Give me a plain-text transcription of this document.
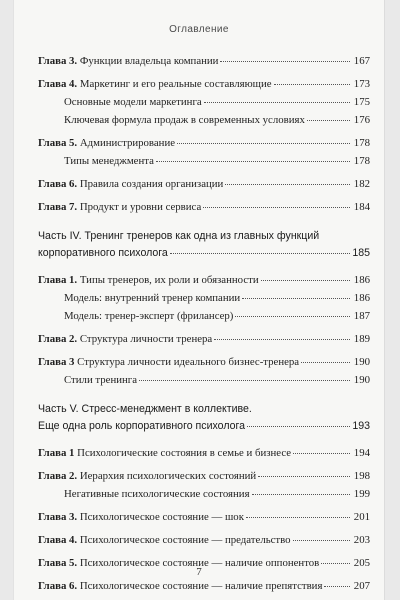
Оглавление
Глава 3. Функции владельца компании	167
Глава 4. Маркетинг и его реальные составляющие	173
Основные модели маркетинга	175
Ключевая формула продаж в современных условиях	176
Глава 5. Администрирование	178
Типы менеджмента	178
Глава 6. Правила создания организации	182
Глава 7. Продукт и уровни сервиса	184
Часть IV. Тренинг тренеров как одна из главных функций
корпоративного психолога	185
Глава 1. Типы тренеров, их роли и обязанности	186
Модель: внутренний тренер компании	186
Модель: тренер-эксперт (фрилансер)	187
Глава 2. Структура личности тренера	189
Глава 3 Структура личности идеального бизнес-тренера	190
Стили тренинга	190
Часть V. Стресс-менеджмент в коллективе.
Еще одна роль корпоративного психолога	193
Глава 1 Психологические состояния в семье и бизнесе	194
Глава 2. Иерархия психологических состояний	198
Негативные психологические состояния	199
Глава 3. Психологическое состояние — шок	201
Глава 4. Психологическое состояние — предательство	203
Глава 5. Психологическое состояние — наличие оппонентов	205
Глава 6. Психологическое состояние — наличие препятствия	207
7
